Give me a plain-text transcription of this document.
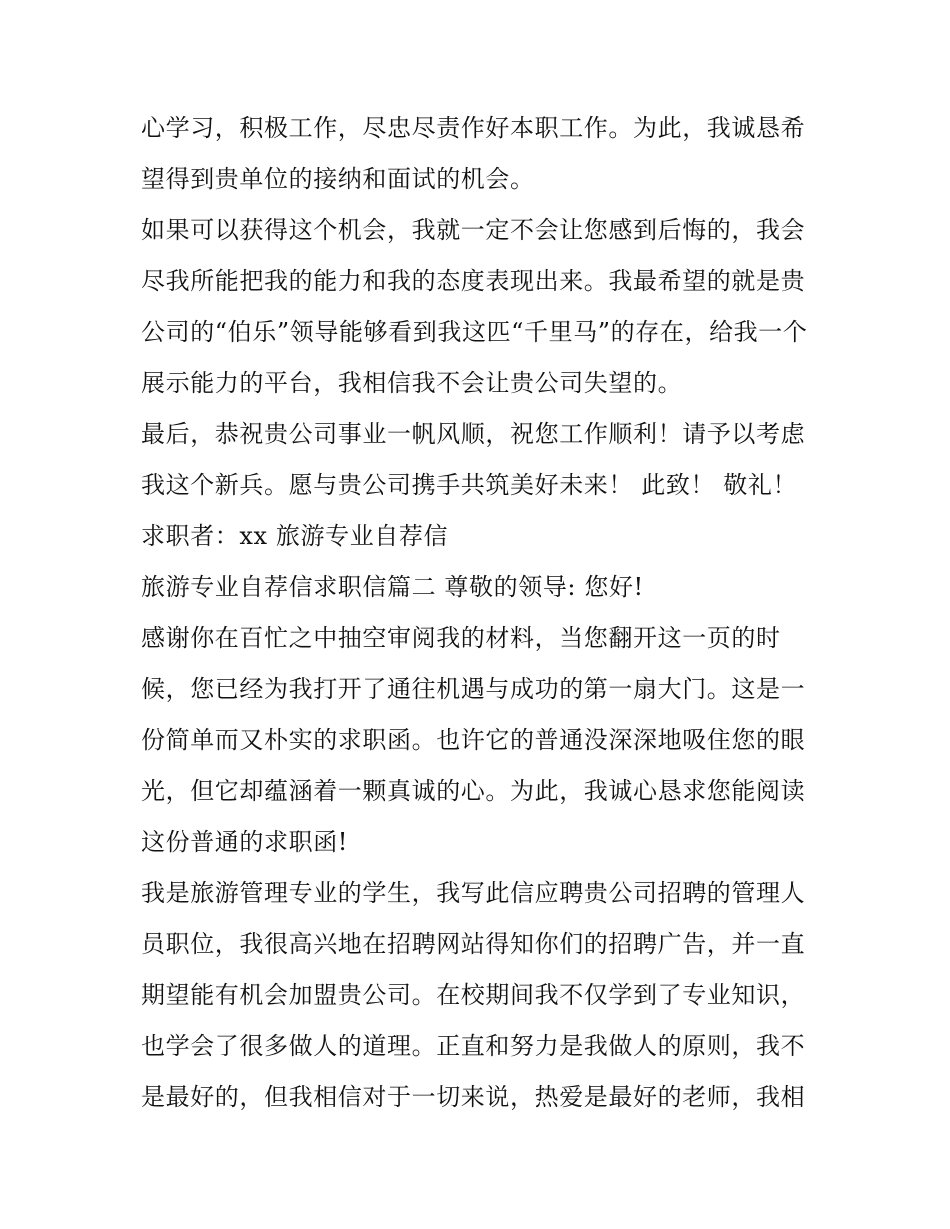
心学习，积极工作，尽忠尽责作好本职工作。为此，我诚恳希
望得到贵单位的接纳和面试的机会。
如果可以获得这个机会，我就一定不会让您感到后悔的，我会
尽我所能把我的能力和我的态度表现出来。我最希望的就是贵
公司的“伯乐”领导能够看到我这匹“千里马”的存在，给我一个
展示能力的平台，我相信我不会让贵公司失望的。
最后，恭祝贵公司事业一帆风顺，祝您工作顺利！请予以考虑
我这个新兵。愿与贵公司携手共筑美好未来！ 此致！ 敬礼！
求职者：xx 旅游专业自荐信
旅游专业自荐信求职信篇二 尊敬的领导: 您好!
感谢你在百忙之中抽空审阅我的材料，当您翻开这一页的时
候，您已经为我打开了通往机遇与成功的第一扇大门。这是一
份简单而又朴实的求职函。也许它的普通没深深地吸住您的眼
光，但它却蕴涵着一颗真诚的心。为此，我诚心恳求您能阅读
这份普通的求职函!
我是旅游管理专业的学生，我写此信应聘贵公司招聘的管理人
员职位，我很高兴地在招聘网站得知你们的招聘广告，并一直
期望能有机会加盟贵公司。在校期间我不仅学到了专业知识，
也学会了很多做人的道理。正直和努力是我做人的原则，我不
是最好的，但我相信对于一切来说，热爱是最好的老师，我相
